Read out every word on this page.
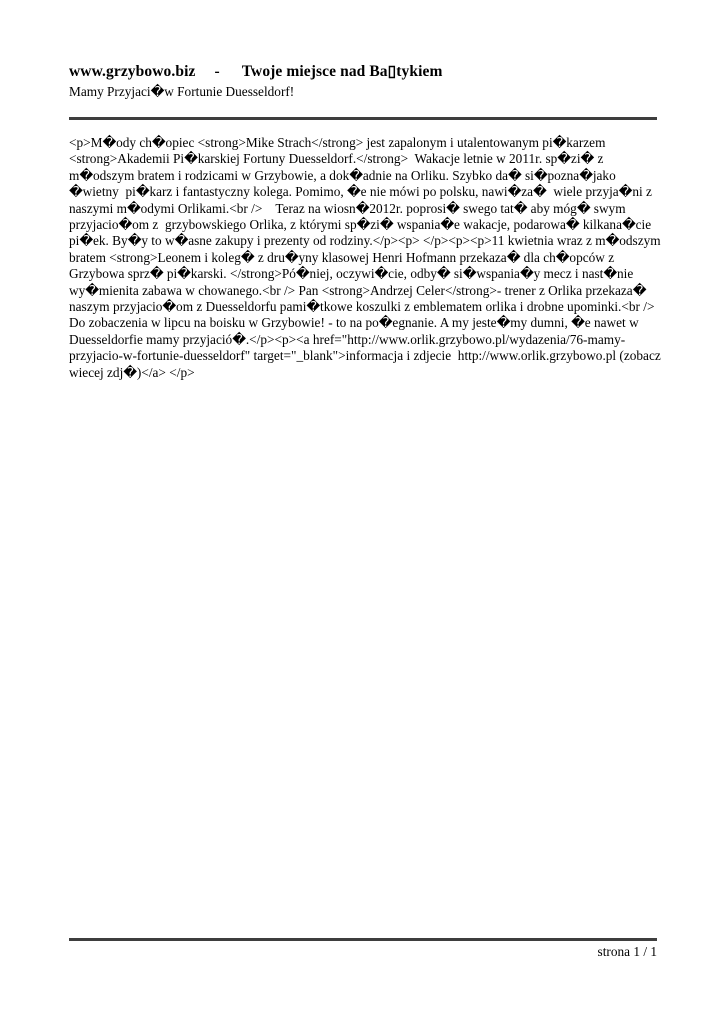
www.grzybowo.biz - Twoje miejsce nad Ba▯tykiem
Mamy Przyjaci�w Fortunie Duesseldorf!
<p>M�ody ch�opiec <strong>Mike Strach</strong> jest zapalonym i utalentowanym pi�karzem <strong>Akademii Pi�karskiej Fortuny Duesseldorf.</strong>  Wakacje letnie w 2011r. sp�zi� z m�odszym bratem i rodzicami w Grzybowie, a dok�adnie na Orliku. Szybko da� si�pozna�jako �wietny  pi�karz i fantastyczny kolega. Pomimo, �e nie mówi po polsku, nawi�za�  wiele przyja�ni z naszymi m�odymi Orlikami.<br />    Teraz na wiosn�2012r. poprosi� swego tat� aby móg� swym przyjacio�om z  grzybowskiego Orlika, z którymi sp�zi� wspania�e wakacje, podarowa� kilkana�cie pi�ek. By�y to w�asne zakupy i prezenty od rodziny.</p><p> </p><p><p>11 kwietnia wraz z m�odszym bratem <strong>Leonem i koleg� z dru�yny klasowej Henri Hofmann przekaza� dla ch�opców z Grzybowa sprz� pi�karski. </strong>Pó�niej, oczywi�cie, odby� si�wspania�y mecz i nast�nie wy�mienita zabawa w chowanego.<br /> Pan <strong>Andrzej Celer</strong>- trener z Orlika przekaza� naszym przyjacio�om z Duesseldorfu pami�tkowe koszulki z emblematem orlika i drobne upominki.<br /> Do zobaczenia w lipcu na boisku w Grzybowie! - to na po�egnanie. A my jeste�my dumni, �e nawet w Duesseldorfie mamy przyjació�.</p><p><a href="http://www.orlik.grzybowo.pl/wydazenia/76-mamy-przyjacio-w-fortunie-duesseldorf" target="_blank">informacja i zdjecie  http://www.orlik.grzybowo.pl (zobacz wiecej zdj�)</a> </p>
strona 1 / 1
